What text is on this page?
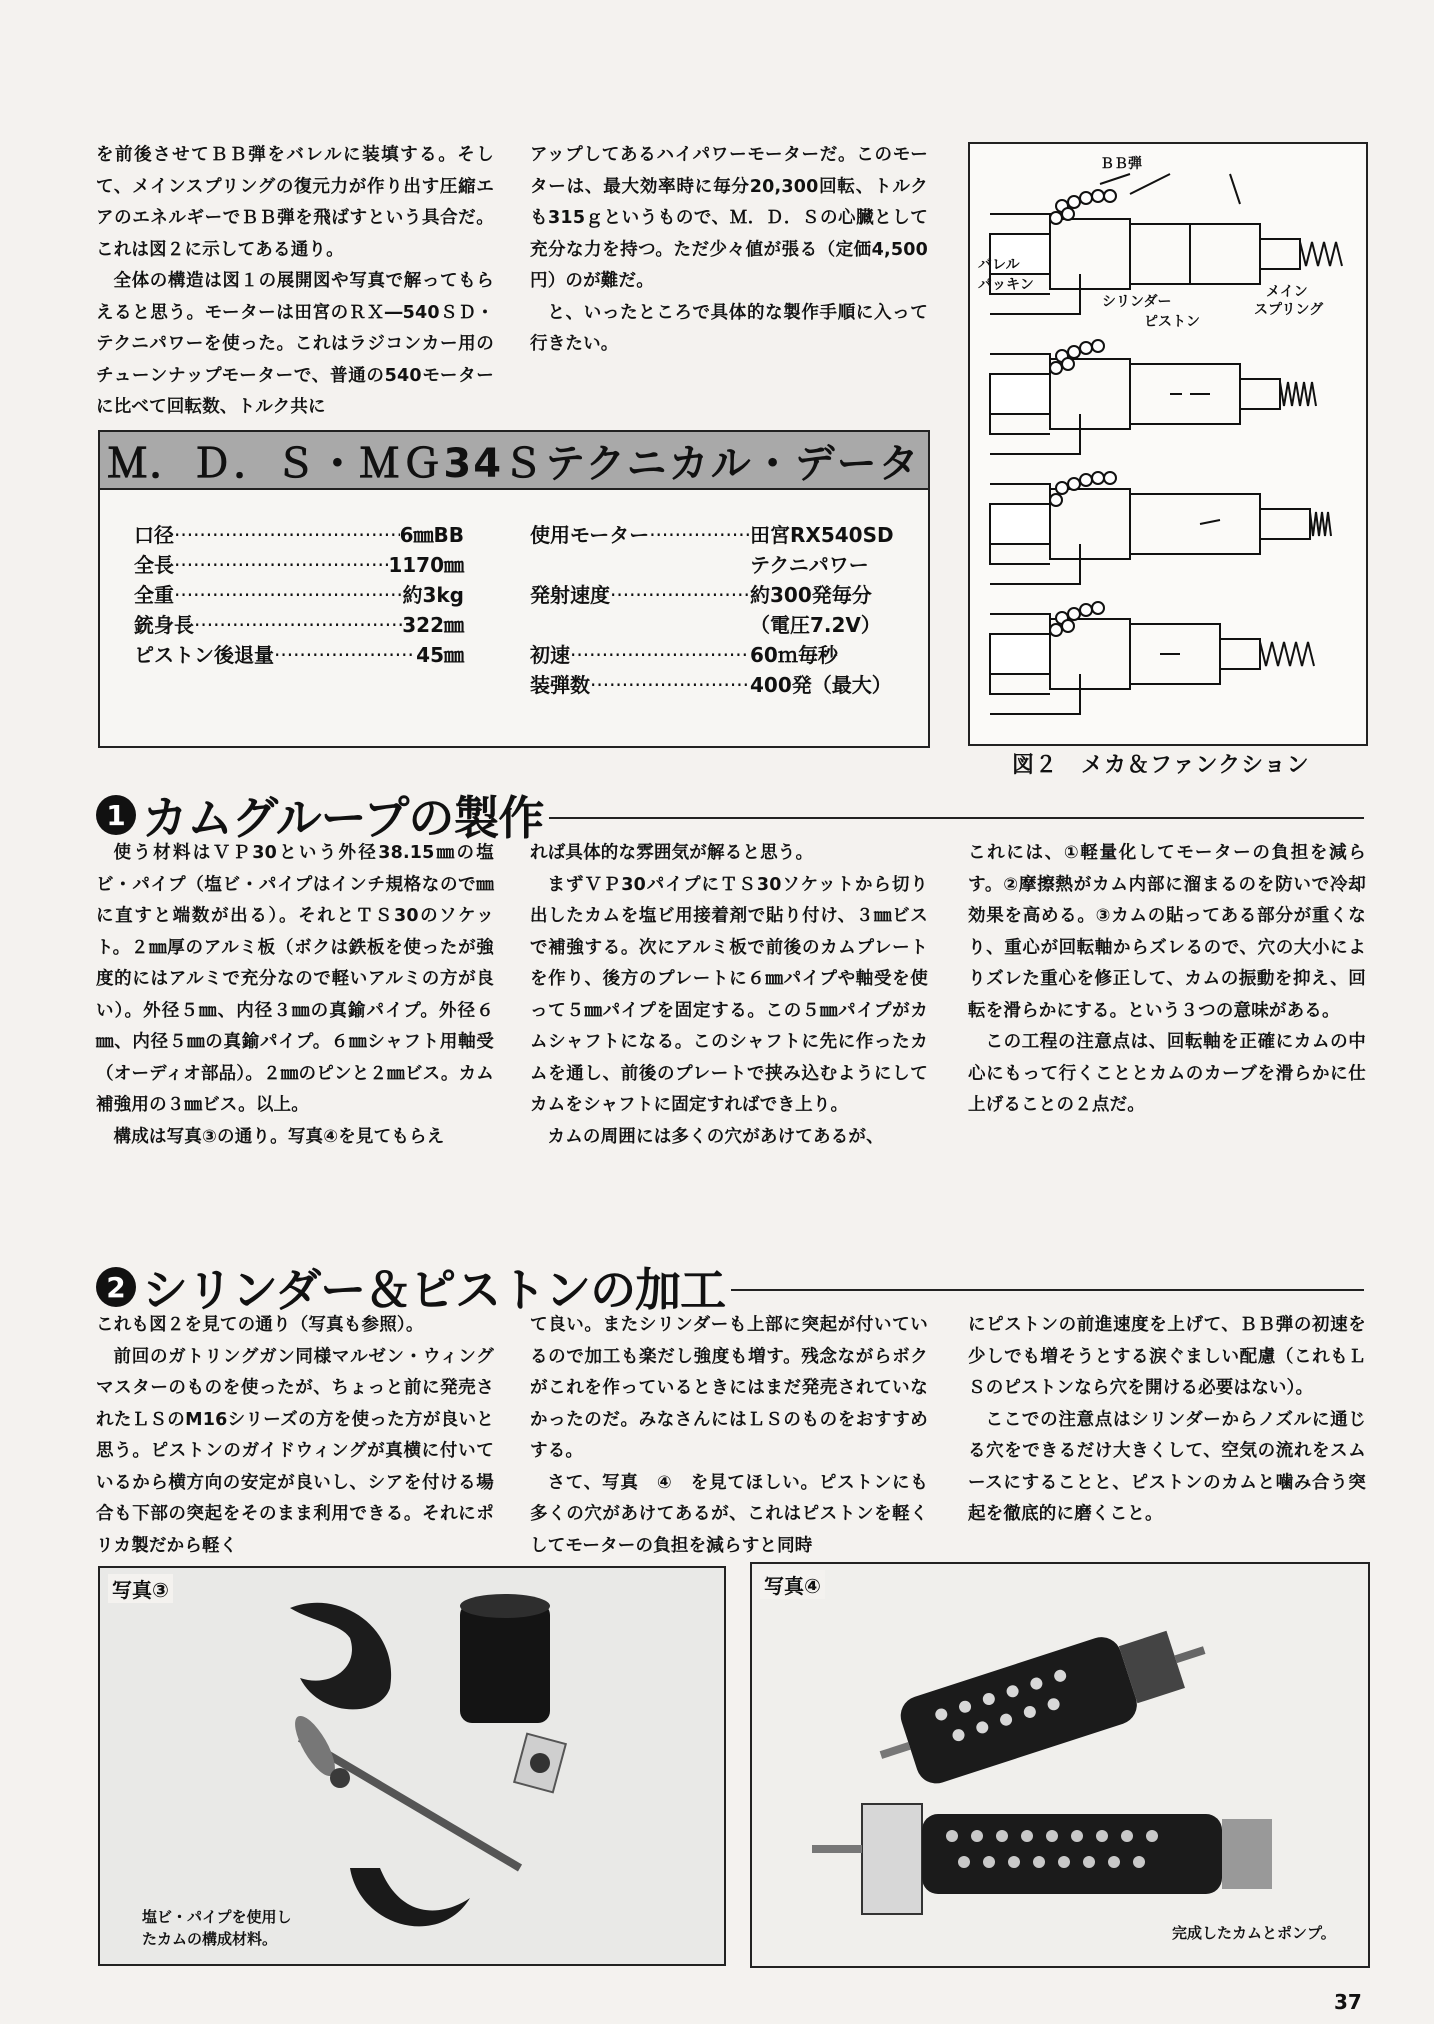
を前後させてＢＢ弾をバレルに装填する。そして、メインスプリングの復元力が作り出す圧縮エアのエネルギーでＢＢ弾を飛ばすという具合だ。これは図２に示してある通り。

全体の構造は図１の展開図や写真で解ってもらえると思う。モーターは田宮のＲＸ―540ＳＤ・テクニパワーを使った。これはラジコンカー用のチューンナップモーターで、普通の540モーターに比べて回転数、トルク共に

アップしてあるハイパワーモーターだ。このモーターは、最大効率時に毎分20,300回転、トルクも315ｇというもので、Ｍ．Ｄ．Ｓの心臓として充分な力を持つ。ただ少々値が張る（定価4,500円）のが難だ。

と、いったところで具体的な製作手順に入って行きたい。

Ｍ．Ｄ．Ｓ・ＭＧ34Ｓテクニカル・データ
口径 ·····	6㎜BB
全長 ·····	1170㎜
全重 ·····	約3kg
銃身長 ·····	322㎜
ピストン後退量 ·····	45㎜
使用モーター ·····	田宮RX540SD
テクニパワー
発射速度 ·····	約300発毎分
（電圧7.2V）
初速 ·····	60ｍ毎秒
装弾数 ·····	400発（最大）
ＢＢ弾
バレル
パッキン
シリンダー
ピストン
メイン
スプリング
図２　メカ＆ファンクション
1 カムグループの製作

使う材料はＶＰ30という外径38.15㎜の塩ビ・パイプ（塩ビ・パイプはインチ規格なので㎜に直すと端数が出る）。それとＴＳ30のソケット。２㎜厚のアルミ板（ボクは鉄板を使ったが強度的にはアルミで充分なので軽いアルミの方が良い）。外径５㎜、内径３㎜の真鍮パイプ。外径６㎜、内径５㎜の真鍮パイプ。６㎜シャフト用軸受（オーディオ部品）。２㎜のピンと２㎜ビス。カム補強用の３㎜ビス。以上。

構成は写真③の通り。写真④を見てもらえ

れば具体的な雰囲気が解ると思う。

まずＶＰ30パイプにＴＳ30ソケットから切り出したカムを塩ビ用接着剤で貼り付け、３㎜ビスで補強する。次にアルミ板で前後のカムプレートを作り、後方のプレートに６㎜パイプや軸受を使って５㎜パイプを固定する。この５㎜パイプがカムシャフトになる。このシャフトに先に作ったカムを通し、前後のプレートで挟み込むようにしてカムをシャフトに固定すればでき上り。

カムの周囲には多くの穴があけてあるが、

これには、①軽量化してモーターの負担を減らす。②摩擦熱がカム内部に溜まるのを防いで冷却効果を高める。③カムの貼ってある部分が重くなり、重心が回転軸からズレるので、穴の大小によりズレた重心を修正して、カムの振動を抑え、回転を滑らかにする。という３つの意味がある。

この工程の注意点は、回転軸を正確にカムの中心にもって行くこととカムのカーブを滑らかに仕上げることの２点だ。

2 シリンダー＆ピストンの加工

これも図２を見ての通り（写真も参照）。

前回のガトリングガン同様マルゼン・ウィングマスターのものを使ったが、ちょっと前に発売されたＬＳのM16シリーズの方を使った方が良いと思う。ピストンのガイドウィングが真横に付いているから横方向の安定が良いし、シアを付ける場合も下部の突起をそのまま利用できる。それにポリカ製だから軽く

て良い。またシリンダーも上部に突起が付いているので加工も楽だし強度も増す。残念ながらボクがこれを作っているときにはまだ発売されていなかったのだ。みなさんにはＬＳのものをおすすめする。

さて、写真　④　を見てほしい。ピストンにも多くの穴があけてあるが、これはピストンを軽くしてモーターの負担を減らすと同時

にピストンの前進速度を上げて、ＢＢ弾の初速を少しでも増そうとする涙ぐましい配慮（これもＬＳのピストンなら穴を開ける必要はない）。

ここでの注意点はシリンダーからノズルに通じる穴をできるだけ大きくして、空気の流れをスムースにすることと、ピストンのカムと噛み合う突起を徹底的に磨くこと。

写真③
塩ビ・パイプを使用し
たカムの構成材料。
写真④
完成したカムとポンプ。
37
